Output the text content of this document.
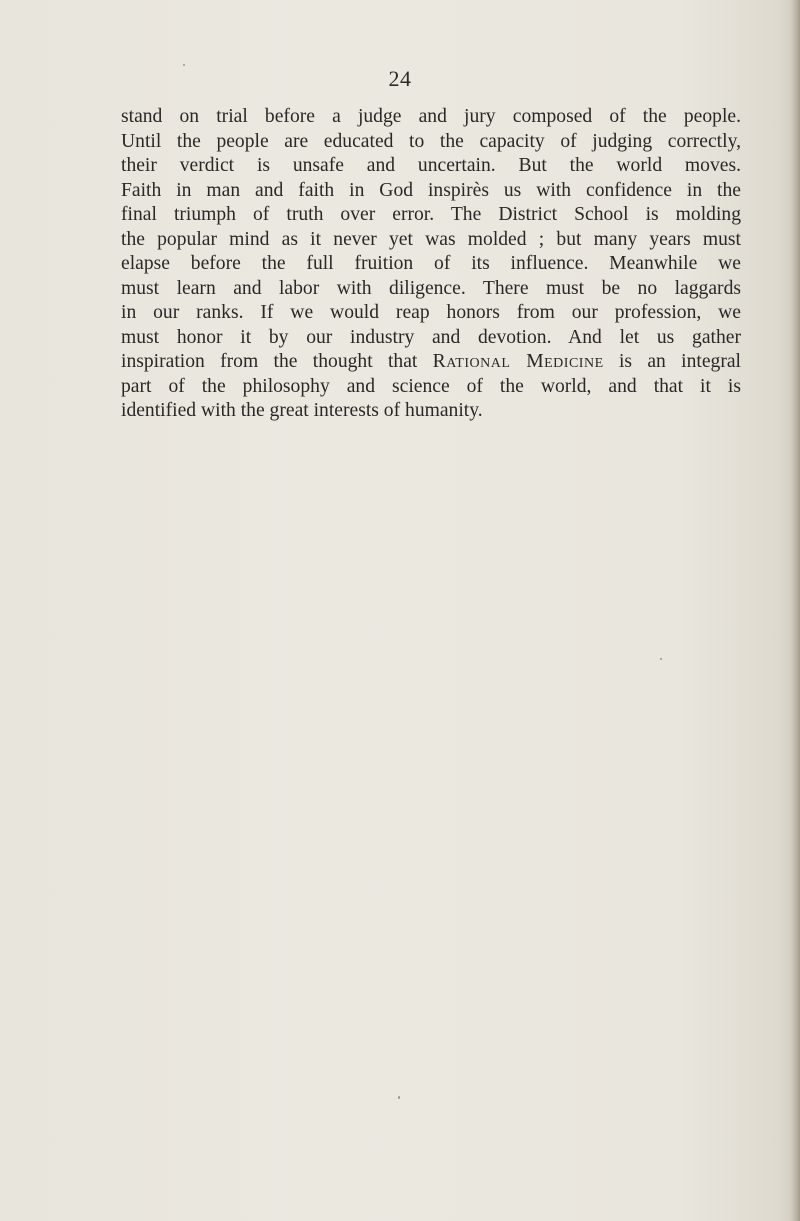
24
stand on trial before a judge and jury composed of the people.
Until the people are educated to the capacity of judging correctly,
their verdict is unsafe and uncertain. But the world moves.
Faith in man and faith in God inspirès us with confidence in the
final triumph of truth over error. The District School is molding
the popular mind as it never yet was molded ; but many years must
elapse before the full fruition of its influence. Meanwhile we
must learn and labor with diligence. There must be no laggards
in our ranks. If we would reap honors from our profession, we
must honor it by our industry and devotion. And let us gather
inspiration from the thought that Rational Medicine is an integral
part of the philosophy and science of the world, and that it is
identified with the great interests of humanity.
